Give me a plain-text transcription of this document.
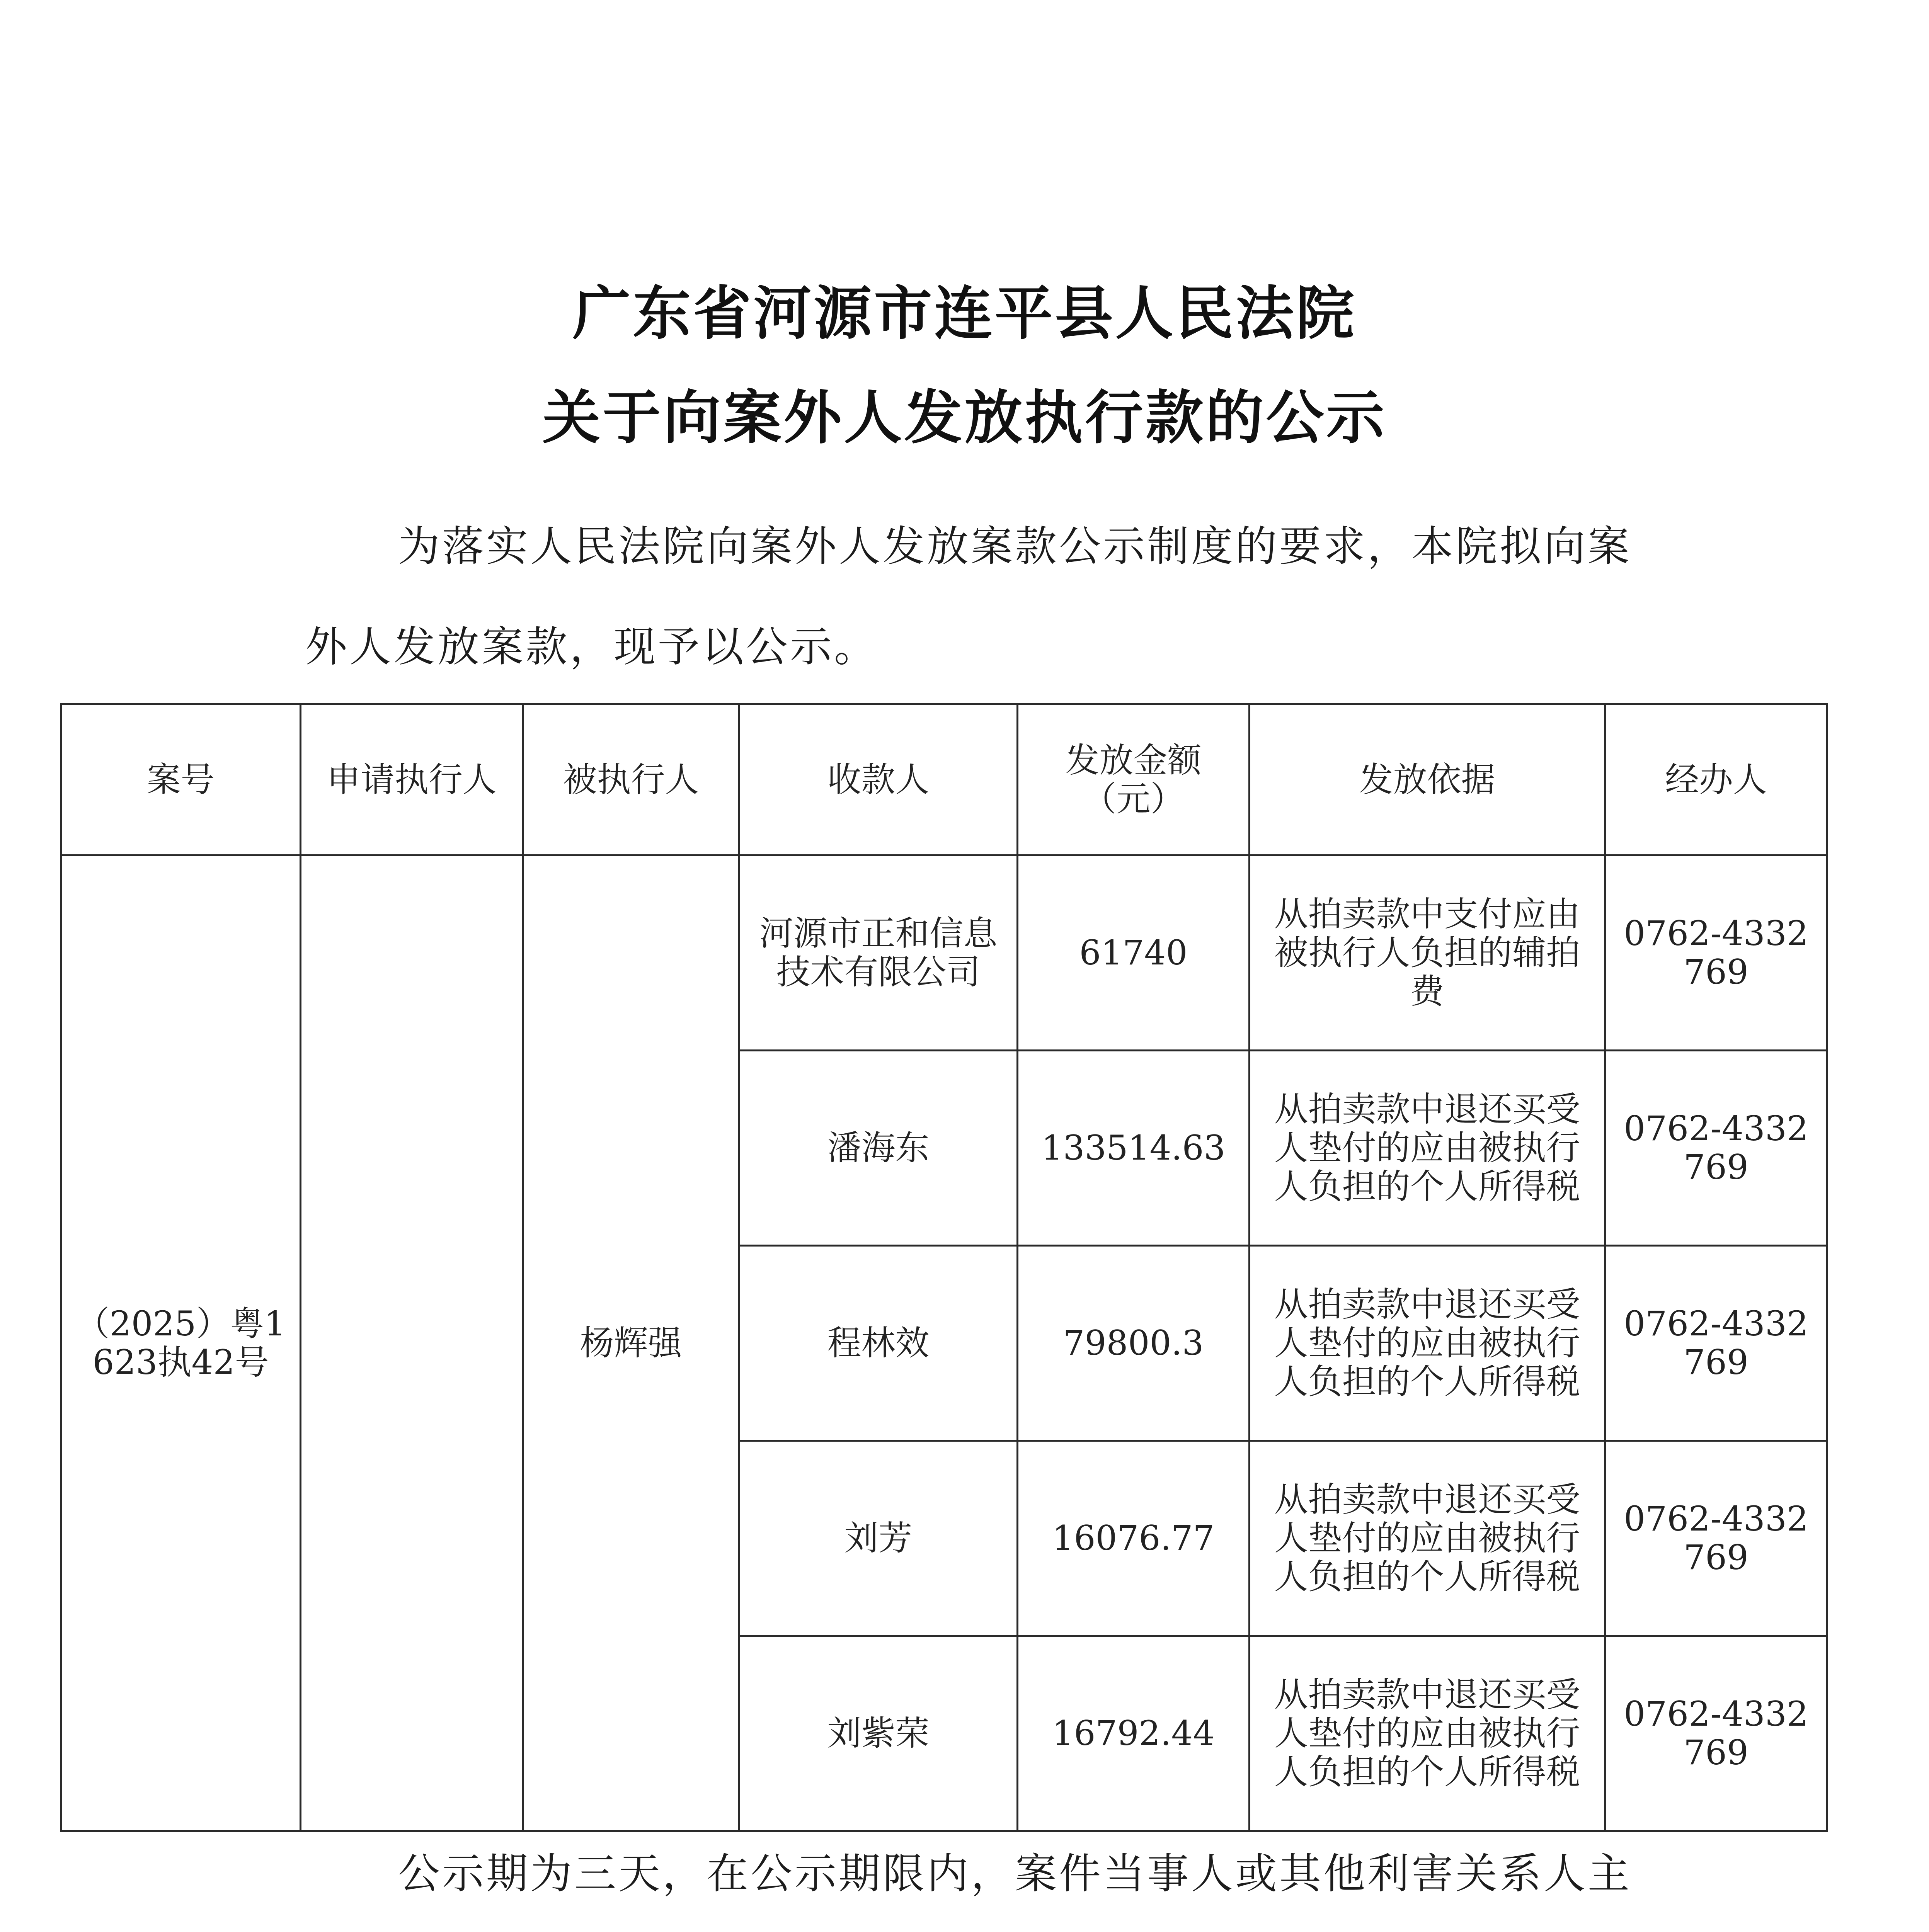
广东省河源市连平县人民法院
关于向案外人发放执行款的公示
为落实人民法院向案外人发放案款公示制度的要求，本院拟向案
外人发放案款，现予以公示。
案号	申请执行人	被执行人	收款人	发放金额（元）	发放依据	经办人
（2025）粤1623执42号		杨辉强	河源市正和信息技术有限公司	61740	从拍卖款中支付应由被执行人负担的辅拍费	0762-4332769
			潘海东	133514.63	从拍卖款中退还买受人垫付的应由被执行人负担的个人所得税	0762-4332769
			程林效	79800.3	从拍卖款中退还买受人垫付的应由被执行人负担的个人所得税	0762-4332769
			刘芳	16076.77	从拍卖款中退还买受人垫付的应由被执行人负担的个人所得税	0762-4332769
			刘紫荣	16792.44	从拍卖款中退还买受人垫付的应由被执行人负担的个人所得税	0762-4332769
公示期为三天，在公示期限内，案件当事人或其他利害关系人主
